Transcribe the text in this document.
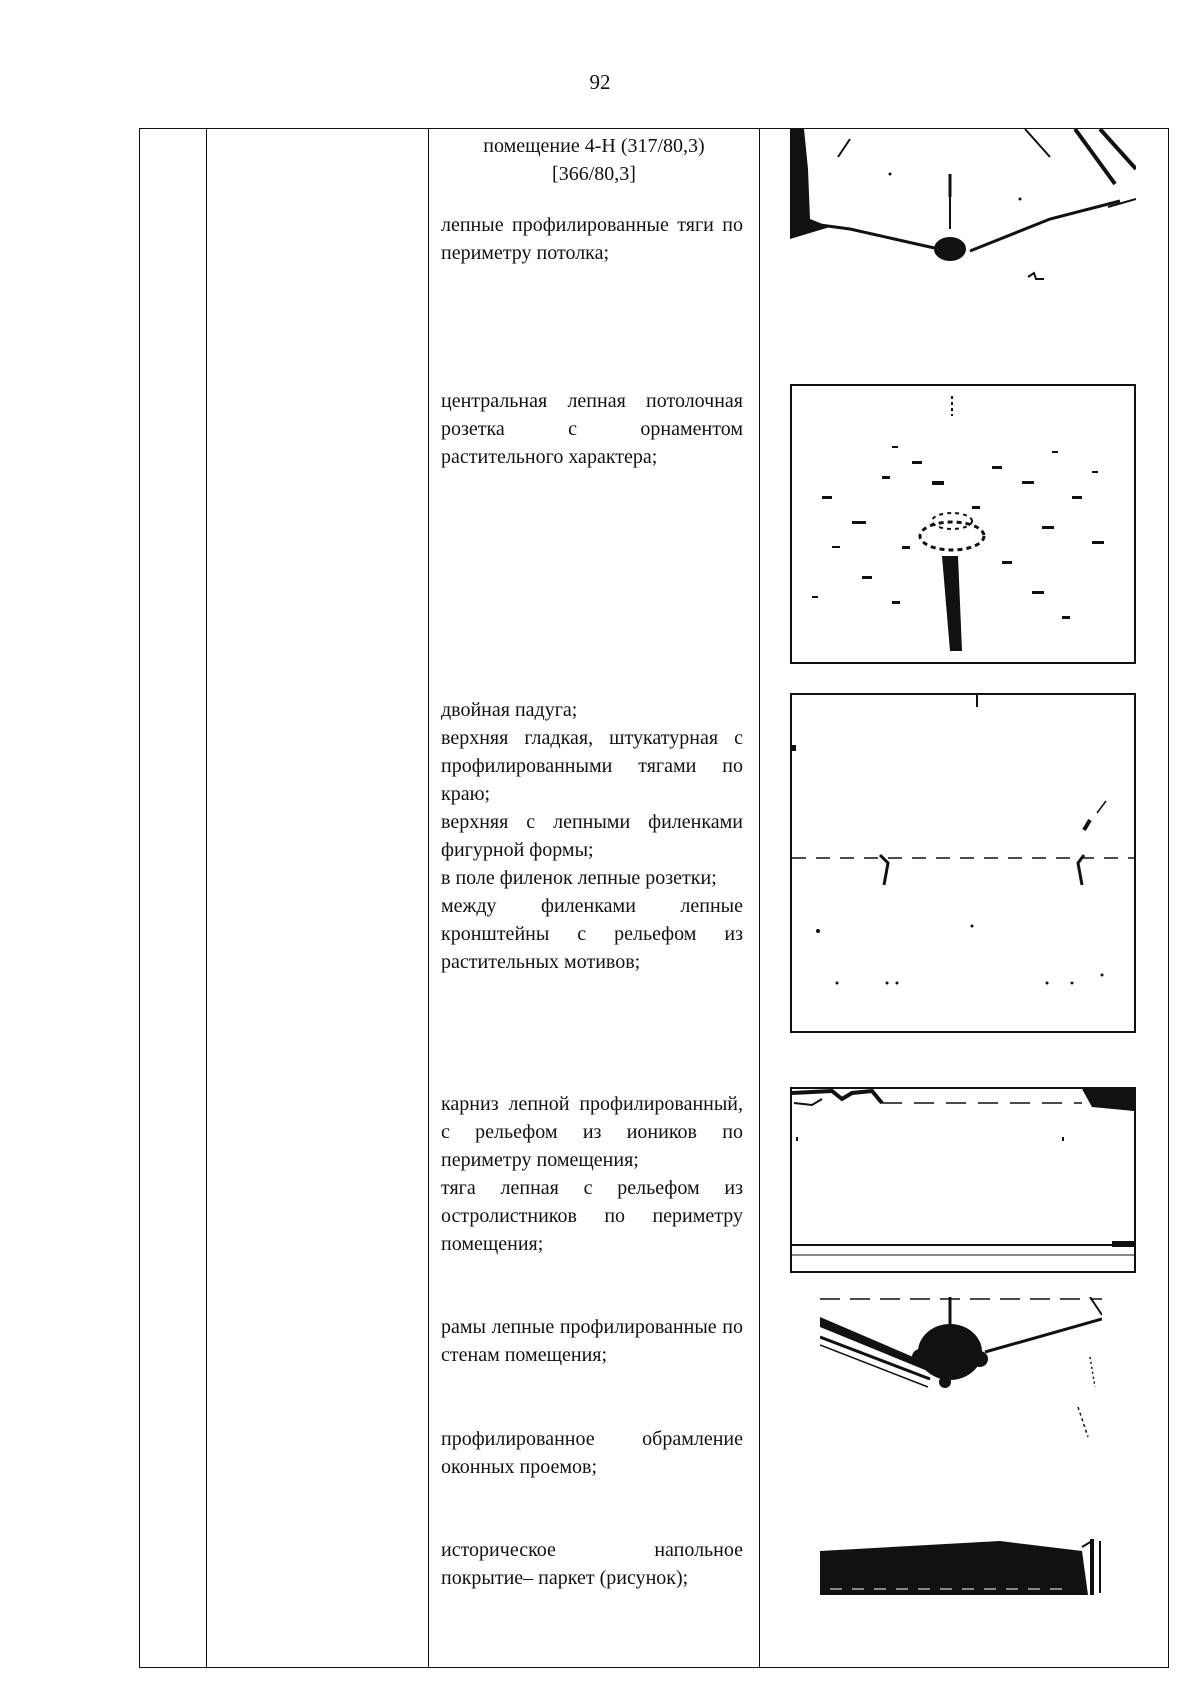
92

помещение 4-Н (317/80,3)
[366/80,3]

лепные профилированные тяги по периметру потолка;

центральная лепная потолочная розетка с орнаментом растительного характера;

двойная падуга;

верхняя гладкая, штукатурная с профилированными тягами по краю;

верхняя с лепными филенками фигурной формы;

в поле филенок лепные розетки;

между филенками лепные кронштейны с рельефом из растительных мотивов;

карниз лепной профилированный, с рельефом из иоников по периметру помещения;

тяга лепная с рельефом из остролистников по периметру помещения;

рамы лепные профилированные по стенам помещения;

профилированное обрамление оконных проемов;

историческое напольное покрытие– паркет (рисунок);
